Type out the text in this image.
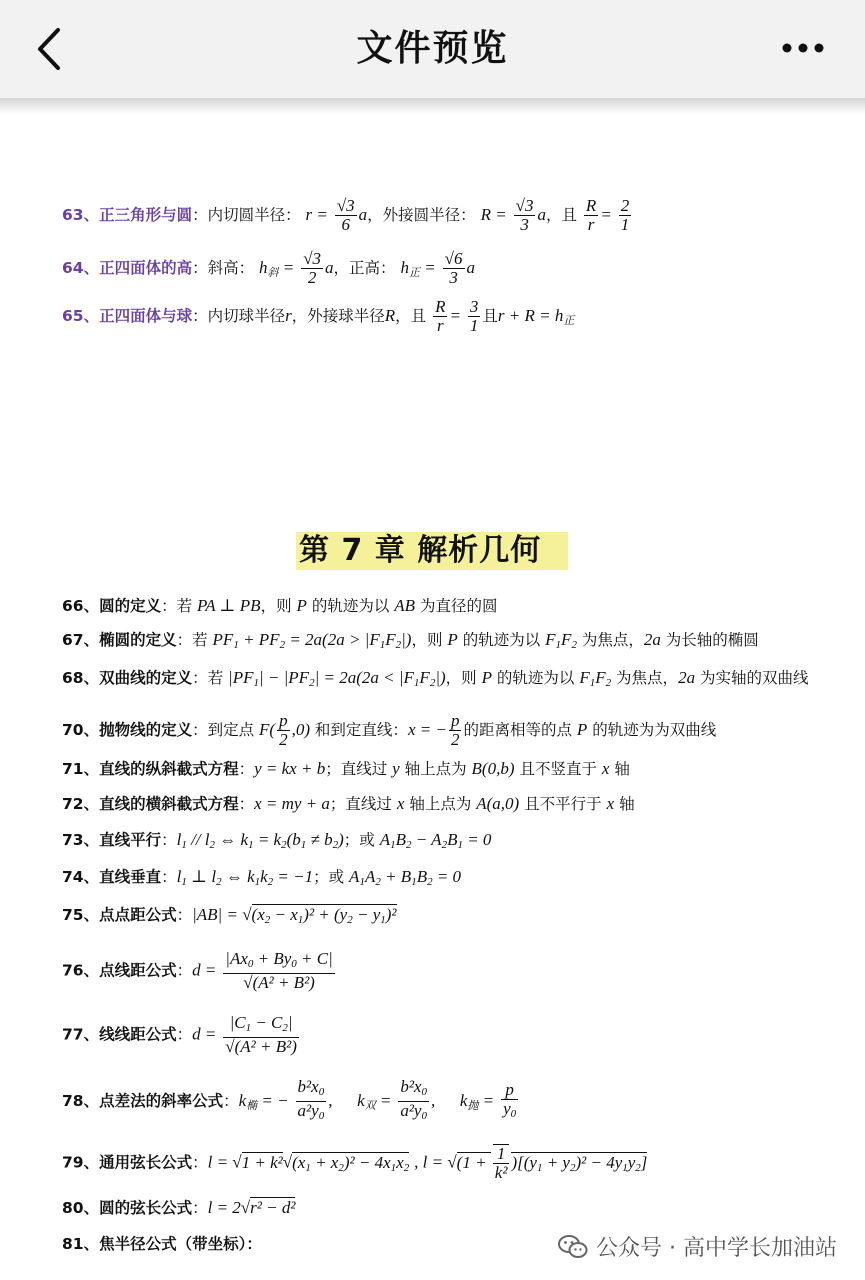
文件预览
63、正三角形与圆：内切圆半径： $r = \frac{√3}{6}$ a，外接圆半径： $R = \frac{√3}{3}$ a，且 $\frac{R}{r} = \frac{2}{1}$
64、正四面体的高：斜高： $h_斜 = \frac{√3}{2}$ a，正高： $h_正 = \frac{√6}{3}$ a
65、正四面体与球：内切球半径r，外接球半径R，且 $\frac{R}{r} = \frac{3}{1}$ 且$r + R = h_正$
第 7 章 解析几何
66、圆的定义：若 PA ⊥ PB，则 P 的轨迹为以 AB 为直径的圆
67、椭圆的定义：若 $PF_1 + PF_2 = 2a(2a > |F_1F_2|)$，则 P 的轨迹为以 $F_1F_2$ 为焦点，2a 为长轴的椭圆
68、双曲线的定义：若 $|PF_1| - |PF_2| = 2a(2a < |F_1F_2|)$，则 P 的轨迹为以 $F_1F_2$ 为焦点，2a 为实轴的双曲线
70、抛物线的定义：到定点 $F( \frac{p}{2} ,0)$ 和到定直线：x = − $\frac{p}{2}$ 的距离相等的点 P 的轨迹为为双曲线
71、直线的纵斜截式方程：y = kx + b；直线过 y 轴上点为 B(0,b) 且不竖直于 x 轴
72、直线的横斜截式方程：x = my + a；直线过 x 轴上点为 A(a,0) 且不平行于 x 轴
73、直线平行：$l_1 // l_2$ ⇔ $k_1 = k_2(b_1 \ne b_2)$；或 $A_1B_2 - A_2B_1 = 0$
74、直线垂直：$l_1$ ⊥ $l_2$ ⇔ $k_1k_2 = -1$；或 $A_1A_2 + B_1B_2 = 0$
75、点点距公式：$|AB| = √(x_2 - x_1)^2 + (y_2 - y_1)^2$
76、点线距公式：$d = \frac{|Ax_0 + By_0 + C|}{\text{√(A² + B²)}}$
77、线线距公式：$d = \frac{|C_1 - C_2|}{\text{√(A² + B²)}}$
78、点差法的斜率公式：$k_椭$ = − $\frac{b^2x_0}{a^2y_0}$ , $k_双 = \frac{b^2x_0}{a^2y_0}$ , $k_抛 = \frac{p}{y_0}$
79、通用弦长公式：$l = √1 + k^2√(x_1 + x_2)^2 - 4x_1x_2$ , $l = √(1 + \frac{1}{\text{k²}} )[(y_1 + y_2)^2 - 4y_1y_2]$
80、圆的弦长公式：l = 2√r² − d²
81、焦半径公式（带坐标）：	公众号 · 高中学长加油站
